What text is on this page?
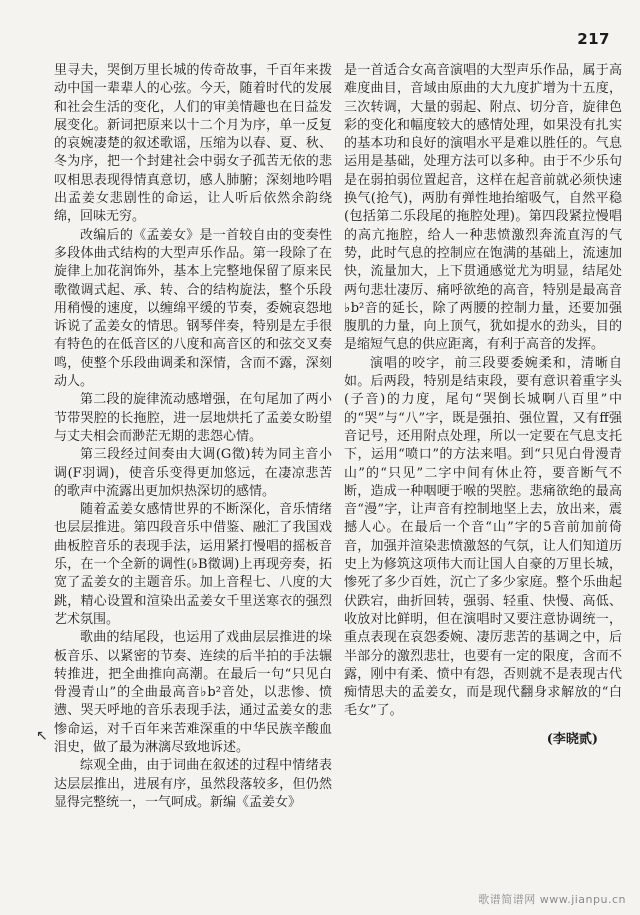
217

里寻夫，哭倒万里长城的传奇故事，千百年来拨动中国一辈辈人的心弦。今天，随着时代的发展和社会生活的变化，人们的审美情趣也在日益发展变化。新词把原来以十二个月为序，单一反复的哀婉凄楚的叙述歌谣，压缩为以春、夏、秋、冬为序，把一个封建社会中弱女子孤苦无依的悲叹相思表现得情真意切，感人肺腑；深刻地吟唱出孟姜女悲剧性的命运，让人听后依然余韵绕绵，回味无穷。

改编后的《孟姜女》是一首较自由的变奏性多段体曲式结构的大型声乐作品。第一段除了在旋律上加花润饰外，基本上完整地保留了原来民歌徵调式起、承、转、合的结构旋法，整个乐段用稍慢的速度，以缠绵平缓的节奏，委婉哀怨地诉说了孟姜女的情思。钢琴伴奏，特别是左手很有特色的在低音区的八度和高音区的和弦交叉奏鸣，使整个乐段曲调柔和深情，含而不露，深刻动人。

第二段的旋律流动感增强，在句尾加了两小节带哭腔的长拖腔，进一层地烘托了孟姜女盼望与丈夫相会而渺茫无期的悲怨心情。

第三段经过间奏由大调(G徵)转为同主音小调(F羽调)，使音乐变得更加悠远，在凄凉悲苦的歌声中流露出更加炽热深切的感情。

随着孟姜女感情世界的不断深化，音乐情绪也层层推进。第四段音乐中借鉴、融汇了我国戏曲板腔音乐的表现手法，运用紧打慢唱的摇板音乐，在一个全新的调性(♭B徵调)上再现旁奏，拓宽了孟姜女的主题音乐。加上音程七、八度的大跳，精心设置和渲染出孟姜女千里送寒衣的强烈艺术氛围。

歌曲的结尾段，也运用了戏曲层层推进的垛板音乐、以紧密的节奏、连续的后半拍的手法辗转推进，把全曲推向高潮。在最后一句“只见白骨漫青山”的全曲最高音♭b²音处，以悲惨、愤懑、哭天呼地的音乐表现手法，通过孟姜女的悲惨命运，对千百年来苦难深重的中华民族辛酸血泪史，做了最为淋漓尽致地诉述。

综观全曲，由于词曲在叙述的过程中情绪表达层层推出，进展有序，虽然段落较多，但仍然显得完整统一，一气呵成。新编《孟姜女》

是一首适合女高音演唱的大型声乐作品，属于高难度曲目，音域由原曲的大九度扩增为十五度，三次转调，大量的弱起、附点、切分音，旋律色彩的变化和幅度较大的感情处理，如果没有扎实的基本功和良好的演唱水平是难以胜任的。气息运用是基础，处理方法可以多种。由于不少乐句是在弱拍弱位置起音，这样在起音前就必须快速换气(抢气)，两肋有弹性地抬缩吸气，自然平稳(包括第二乐段尾的拖腔处理)。第四段紧拉慢唱的高亢拖腔，给人一种悲愤激烈奔流直泻的气势，此时气息的控制应在饱满的基础上，流速加快，流量加大，上下贯通感觉尤为明显，结尾处两句悲壮凄厉、痛呼欲绝的高音，特别是最高音♭b²音的延长，除了两腰的控制力量，还要加强腹肌的力量，向上顶气，犹如提水的劲头，目的是缩短气息的供应距离，有利于高音的发挥。

演唱的咬字，前三段要委婉柔和，清晰自如。后两段，特别是结束段，要有意识着重字头(子音)的力度，尾句“哭倒长城啊八百里”中的“哭”与“八”字，既是强拍、强位置，又有ff强音记号，还用附点处理，所以一定要在气息支托下，运用“喷口”的方法来唱。到“只见白骨漫青山”的“只见”二字中间有休止符，要音断气不断，造成一种咽哽于喉的哭腔。悲痛欲绝的最高音“漫”字，让声音有控制地坚上去，放出来，震撼人心。在最后一个音“山”字的5音前加前倚音，加强并渲染悲愤激怒的气氛，让人们知道历史上为修筑这项伟大而让国人自豪的万里长城，惨死了多少百姓，沉亡了多少家庭。整个乐曲起伏跌宕，曲折回转，强弱、轻重、快慢、高低、收放对比鲜明，但在演唱时又要注意协调统一，重点表现在哀怨委婉、凄厉悲苦的基调之中，后半部分的激烈悲壮，也要有一定的限度，含而不露，刚中有柔、愤中有怨，否则就不是表现古代痴情思夫的孟姜女，而是现代翻身求解放的“白毛女”了。

(李晓贰)

↖
歌谱简谱网 www.jianpu.cn
